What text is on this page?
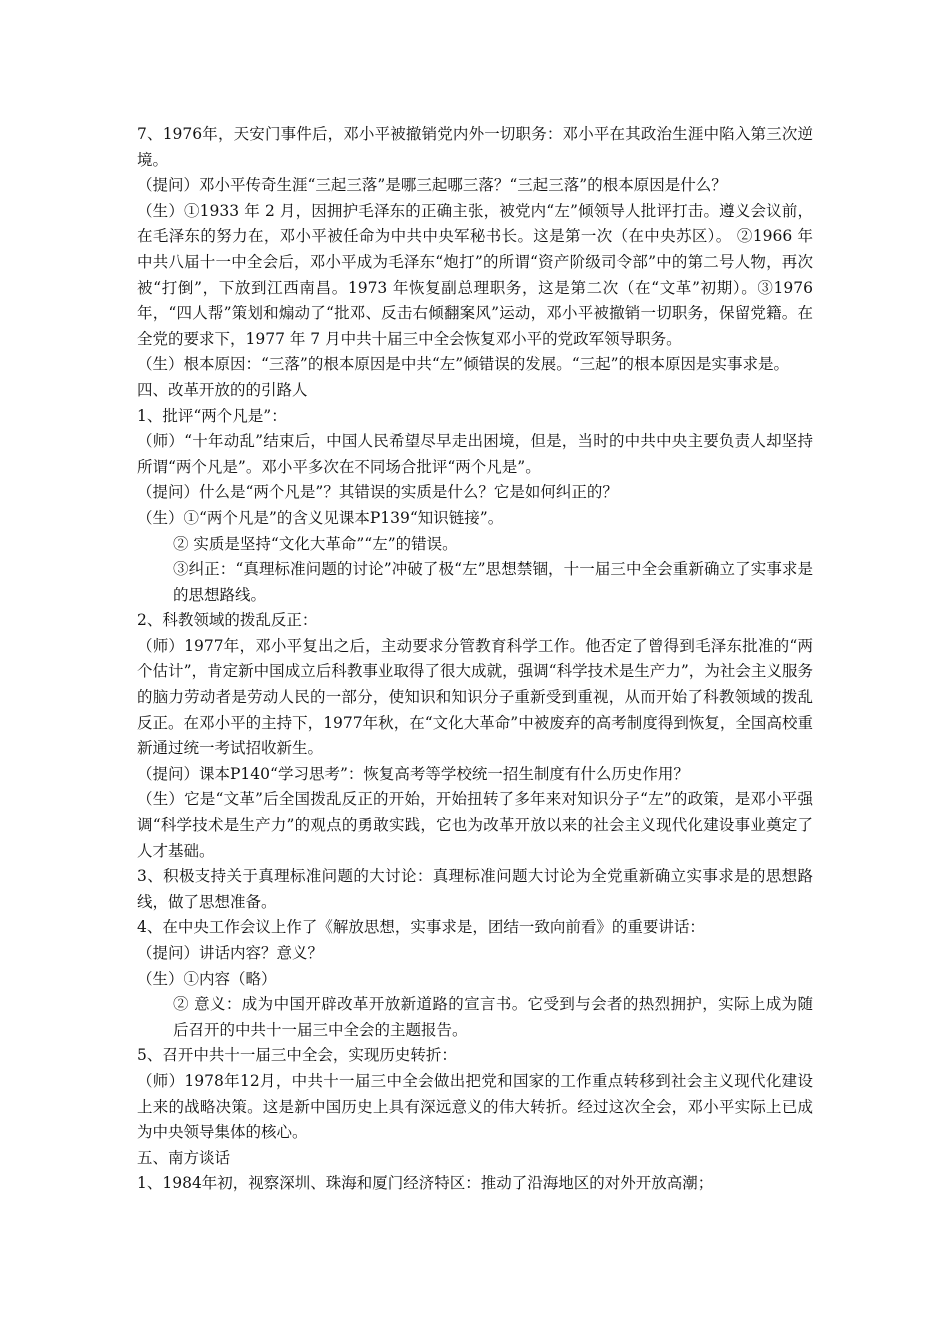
7、1976年，天安门事件后，邓小平被撤销党内外一切职务：邓小平在其政治生涯中陷入第三次逆境。

（提问）邓小平传奇生涯“三起三落”是哪三起哪三落？“三起三落”的根本原因是什么？

（生）①1933 年 2 月，因拥护毛泽东的正确主张，被党内“左”倾领导人批评打击。遵义会议前，在毛泽东的努力在，邓小平被任命为中共中央军秘书长。这是第一次（在中央苏区）。 ②1966 年中共八届十一中全会后，邓小平成为毛泽东“炮打”的所谓“资产阶级司令部”中的第二号人物，再次被“打倒”，下放到江西南昌。1973 年恢复副总理职务，这是第二次（在“文革”初期）。③1976 年，“四人帮”策划和煽动了“批邓、反击右倾翻案风”运动，邓小平被撤销一切职务，保留党籍。在全党的要求下，1977 年 7 月中共十届三中全会恢复邓小平的党政军领导职务。

（生）根本原因：“三落”的根本原因是中共“左”倾错误的发展。“三起”的根本原因是实事求是。

四、改革开放的的引路人

1、批评“两个凡是”：

（师）“十年动乱”结束后，中国人民希望尽早走出困境，但是，当时的中共中央主要负责人却坚持所谓“两个凡是”。邓小平多次在不同场合批评“两个凡是”。

（提问）什么是“两个凡是”？其错误的实质是什么？它是如何纠正的？

（生）①“两个凡是”的含义见课本P139“知识链接”。

② 实质是坚持“文化大革命”“左”的错误。

③纠正：“真理标准问题的讨论”冲破了极“左”思想禁锢，十一届三中全会重新确立了实事求是的思想路线。

2、科教领域的拨乱反正：

（师）1977年，邓小平复出之后，主动要求分管教育科学工作。他否定了曾得到毛泽东批准的“两个估计”，肯定新中国成立后科教事业取得了很大成就，强调“科学技术是生产力”，为社会主义服务的脑力劳动者是劳动人民的一部分，使知识和知识分子重新受到重视，从而开始了科教领域的拨乱反正。在邓小平的主持下，1977年秋，在“文化大革命”中被废弃的高考制度得到恢复，全国高校重新通过统一考试招收新生。

（提问）课本P140“学习思考”：恢复高考等学校统一招生制度有什么历史作用？

（生）它是“文革”后全国拨乱反正的开始，开始扭转了多年来对知识分子“左”的政策，是邓小平强调“科学技术是生产力”的观点的勇敢实践，它也为改革开放以来的社会主义现代化建设事业奠定了人才基础。

3、积极支持关于真理标准问题的大讨论：真理标准问题大讨论为全党重新确立实事求是的思想路线，做了思想准备。

4、在中央工作会议上作了《解放思想，实事求是，团结一致向前看》的重要讲话：

（提问）讲话内容？意义？

（生）①内容（略）

② 意义：成为中国开辟改革开放新道路的宣言书。它受到与会者的热烈拥护，实际上成为随后召开的中共十一届三中全会的主题报告。

5、召开中共十一届三中全会，实现历史转折：

（师）1978年12月，中共十一届三中全会做出把党和国家的工作重点转移到社会主义现代化建设上来的战略决策。这是新中国历史上具有深远意义的伟大转折。经过这次全会，邓小平实际上已成为中央领导集体的核心。

五、南方谈话

1、1984年初，视察深圳、珠海和厦门经济特区：推动了沿海地区的对外开放高潮；
